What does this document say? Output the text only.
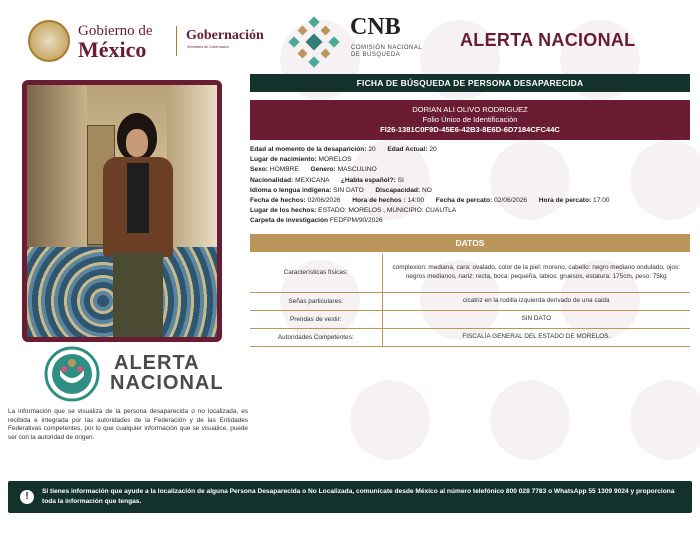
Gobierno de
México
Gobernación
Secretaría de Gobernación
CNB
COMISIÓN NACIONAL
DE BÚSQUEDA
ALERTA NACIONAL
ALERTA
NACIONAL
La información que se visualiza de la persona desaparecida o no localizada, es recibida e integrada por las autoridades de la Federación y de las Entidades Federativas competentes, por lo que cualquier información que se visualice, puede ser con la autoridad de origen.
FICHA DE BÚSQUEDA DE PERSONA DESAPARECIDA
DORIAN ALI OLIVO RODRIGUEZ
Folio Único de Identificación
FI26-1381C0F9D-45E6-42B3-8E6D-6D7184CFC44C
Edad al momento de la desaparición: 20 Edad Actual: 20
Lugar de nacimiento: MORELOS
Sexo: HOMBRE Genero: MASCULINO
Nacionalidad: MEXICANA ¿Habla español?: SI
Idioma o lengua indígena: SIN DATO Discapacidad: NO
Fecha de hechos: 02/06/2026 Hora de hechos : 14:00 Fecha de percato: 02/06/2026 Hora de percato: 17:00
Lugar de los hechos: ESTADO: MORELOS , MUNICIPIO: CUAUTLA
Carpeta de investigación FEDFPM/90/2026
DATOS
Características físicas:	complexion: mediana, cara: ovalado, color de la piel: moreno, cabello: negro mediano ondulado, ojos: negros medianos, nariz: recta, boca: pequeña, labios: gruesos, estatura: 175cm, peso: 75kg
Señas particulares:	cicatriz en la rodilla izquierda derivado de una caida
Prendas de vestir:	SIN DATO
Autoridades Competentes:	FISCALÍA GENERAL DEL ESTADO DE MORELOS.
!	Si tienes información que ayude a la localización de alguna Persona Desaparecida o No Localizada, comunícate desde México al número telefónico 800 028 7783 o WhatsApp 55 1309 9024 y proporciona toda la información que tengas.
